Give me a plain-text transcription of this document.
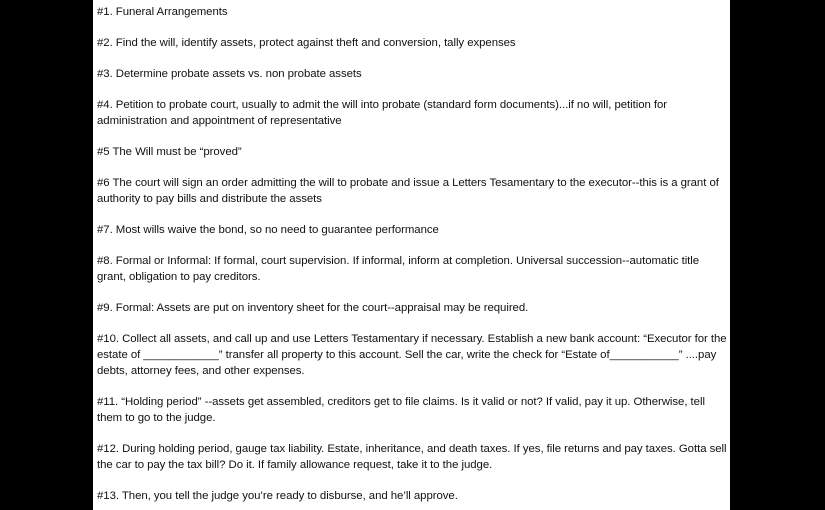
#1. Funeral Arrangements

#2. Find the will, identify assets, protect against theft and conversion, tally expenses

#3. Determine probate assets vs. non probate assets

#4. Petition to probate court, usually to admit the will into probate (standard form documents)...if no will, petition for administration and appointment of representative

#5 The Will must be “proved”

#6 The court will sign an order admitting the will to probate and issue a Letters Tesamentary to the executor--this is a grant of authority to pay bills and distribute the assets

#7. Most wills waive the bond, so no need to guarantee performance

#8. Formal or Informal: If formal, court supervision. If informal, inform at completion. Universal succession--automatic title grant, obligation to pay creditors.

#9. Formal: Assets are put on inventory sheet for the court--appraisal may be required.

#10. Collect all assets, and call up and use Letters Testamentary if necessary. Establish a new bank account: “Executor for the estate of ____________” transfer all property to this account. Sell the car, write the check for “Estate of___________” ....pay debts, attorney fees, and other expenses.

#11. “Holding period” --assets get assembled, creditors get to file claims. Is it valid or not? If valid, pay it up. Otherwise, tell them to go to the judge.

#12. During holding period, gauge tax liability. Estate, inheritance, and death taxes. If yes, file returns and pay taxes. Gotta sell the car to pay the tax bill? Do it. If family allowance request, take it to the judge.

#13. Then, you tell the judge you’re ready to disburse, and he’ll approve.
